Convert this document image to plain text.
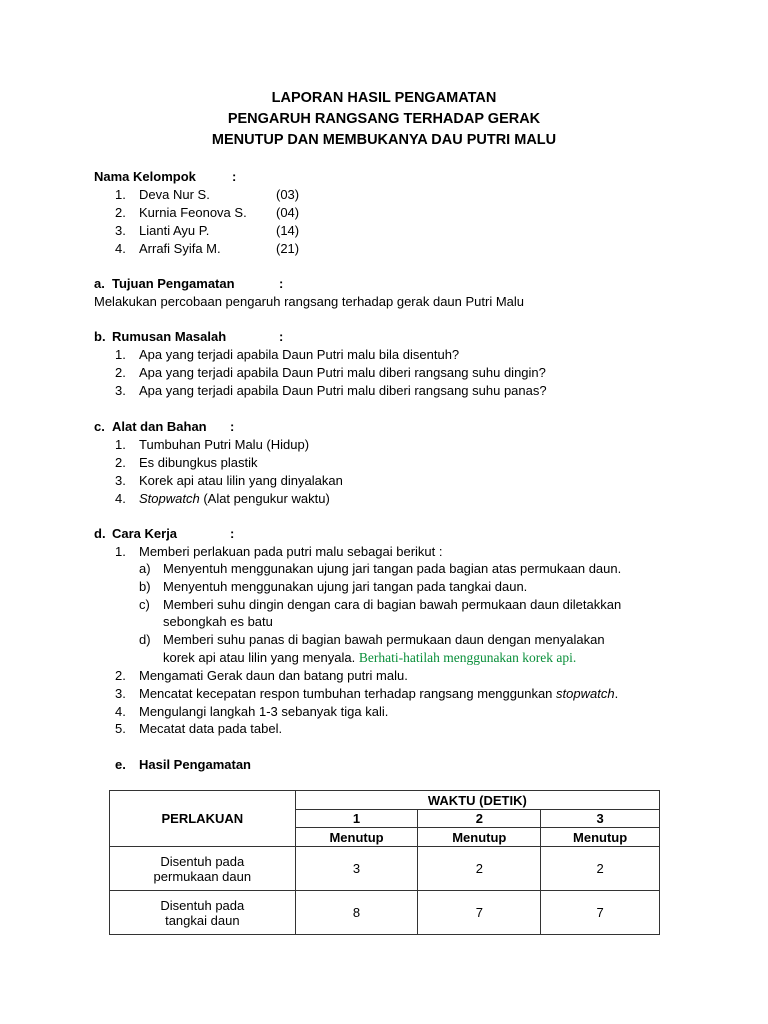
LAPORAN HASIL PENGAMATAN
PENGARUH RANGSANG TERHADAP GERAK
MENUTUP DAN MEMBUKANYA DAU PUTRI MALU
Nama Kelompok	:
1. Deva Nur S.	(03)
2. Kurnia Feonova S. (04)
3. Lianti Ayu P.	(14)
4. Arrafi Syifa M.	(21)
a. Tujuan Pengamatan	:
Melakukan percobaan pengaruh rangsang terhadap gerak daun Putri Malu
b. Rumusan Masalah	:
1. Apa yang terjadi apabila Daun Putri malu bila disentuh?
2. Apa yang terjadi apabila Daun Putri malu diberi rangsang suhu dingin?
3. Apa yang terjadi apabila Daun Putri malu diberi rangsang suhu panas?
c. Alat dan Bahan :
1. Tumbuhan Putri Malu (Hidup)
2. Es dibungkus plastik
3. Korek api atau lilin yang dinyalakan
4. Stopwatch (Alat pengukur waktu)
d. Cara Kerja	:
1. Memberi perlakuan pada putri malu sebagai berikut :
a) Menyentuh menggunakan ujung jari tangan pada bagian atas permukaan daun.
b) Menyentuh menggunakan ujung jari tangan pada tangkai daun.
c) Memberi suhu dingin dengan cara di bagian bawah permukaan daun diletakkan
sebongkah es batu
d) Memberi suhu panas di bagian bawah permukaan daun dengan menyalakan
korek api atau lilin yang menyala. Berhati-hatilah menggunakan korek api.
2. Mengamati Gerak daun dan batang putri malu.
3. Mencatat kecepatan respon tumbuhan terhadap rangsang menggunkan stopwatch.
4. Mengulangi langkah 1-3 sebanyak tiga kali.
5. Mecatat data pada tabel.
e. Hasil Pengamatan
PERLAKUAN	WAKTU (DETIK)		
	1	2	3
	Menutup	Menutup	Menutup
Disentuh pada
permukaan daun	3	2	2
Disentuh pada
tangkai daun	8	7	7
